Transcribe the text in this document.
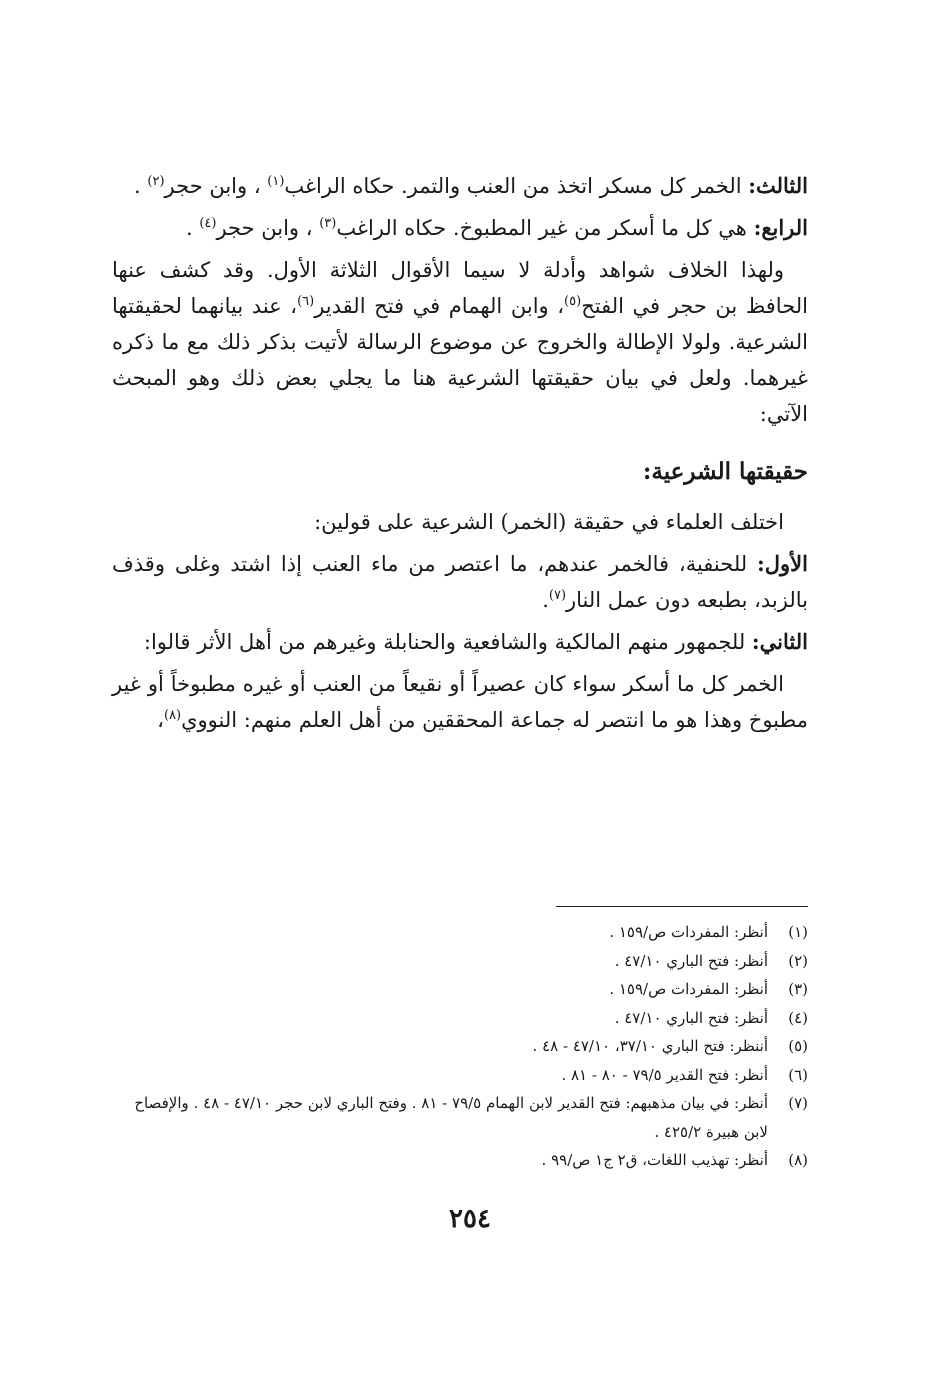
الثالث: الخمر كل مسكر اتخذ من العنب والتمر. حكاه الراغب$^{(١)}$ ، وابن حجر$^{(٢)}$ .

الرابع: هي كل ما أسكر من غير المطبوخ. حكاه الراغب$^{(٣)}$ ، وابن حجر$^{(٤)}$ .

ولهذا الخلاف شواهد وأدلة لا سيما الأقوال الثلاثة الأول. وقد كشف عنها الحافظ بن حجر في الفتح$^{(٥)}$، وابن الهمام في فتح القدير$^{(٦)}$، عند بيانهما لحقيقتها الشرعية. ولولا الإطالة والخروج عن موضوع الرسالة لأتيت بذكر ذلك مع ما ذكره غيرهما. ولعل في بيان حقيقتها الشرعية هنا ما يجلي بعض ذلك وهو المبحث الآتي:

حقيقتها الشرعية:

اختلف العلماء في حقيقة (الخمر) الشرعية على قولين:

الأول: للحنفية، فالخمر عندهم، ما اعتصر من ماء العنب إذا اشتد وغلى وقذف بالزبد، بطبعه دون عمل النار$^{(٧)}$.

الثاني: للجمهور منهم المالكية والشافعية والحنابلة وغيرهم من أهل الأثر قالوا:

الخمر كل ما أسكر سواء كان عصيراً أو نقيعاً من العنب أو غيره مطبوخاً أو غير مطبوخ وهذا هو ما انتصر له جماعة المحققين من أهل العلم منهم: النووي$^{(٨)}$،

(١)
أنظر: المفردات ص/١٥٩ .
(٢)
أنظر: فتح الباري ٤٧/١٠ .
(٣)
أنظر: المفردات ص/١٥٩ .
(٤)
أنظر: فتح الباري ٤٧/١٠ .
(٥)
أننظر: فتح الباري ٣٧/١٠، ٤٧/١٠ - ٤٨ .
(٦)
أنظر: فتح القدير ٧٩/٥ - ٨٠ - ٨١ .
(٧)
أنظر: في بيان مذهبهم: فتح القدير لابن الهمام ٧٩/٥ - ٨١ . وفتح الباري لابن حجر ٤٧/١٠ - ٤٨ . والإفصاح لابن هبيرة ٤٢٥/٢ .
(٨)
أنظر: تهذيب اللغات، ق٢ ج١ ص/٩٩ .
٢٥٤
